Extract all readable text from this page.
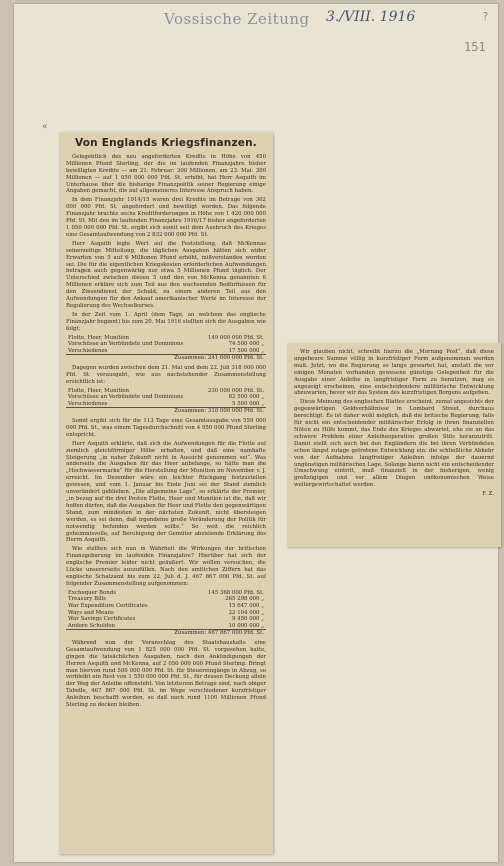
Vossische Zeitung 3./VIII. 1916	?
151
«
Von Englands Kriegsfinanzen.

Gelegentlich des neu angeforderten Kredits in Höhe von 450 Millionen Pfund Sterling, der die im laufenden Finanzjahre bisher bewilligten Kredite — am 21. Februar: 300 Millionen, am 23. Mai: 300 Millionen — auf 1 050 000 000 Pfd. St. erhöht, hat Herr Asquith im Unterhause über die bisherige Finanzpolitik seiner Regierung einige Angaben gemacht, die auf allgemeineres Interesse Anspruch haben.

In dem Finanzjahr 1914/15 waren drei Kredite im Betrage von 362 000 000 Pfd. St. angefordert und bewilligt worden. Das folgende Finanzjahr brachte sechs Kreditforderungen in Höhe von 1 420 000 000 Pfd. St. Mit den im laufenden Finanzjahre 1916/17 bisher angeforderten 1 050 000 000 Pfd. St. ergibt sich somit seit dem Ausbruch des Krieges eine Gesamtaufwendung von 2 832 000 000 Pfd. St.

Herr Asquith legte Wert auf die Feststellung, daß McKennas seinerzeitige Mitteilung, die täglichen Ausgaben hätten sich wider Erwarten von 5 auf 6 Millionen Pfund erhöht, mißverstanden worden sei. Die für die eigentlichen Kriegskosten erforderlichen Aufwendungen betragen auch gegenwärtig nur etwa 5 Millionen Pfund täglich. Der Unterschied zwischen diesen 5 und den von McKenna genannten 6 Millionen erkläre sich zum Teil aus den wachsenden Bedürfnissen für den Zinsendienst der Schuld, zu einem anderen Teil aus den Aufwendungen für den Ankauf amerikanischer Werte im Interesse der Regulierung des Wechselkurses.

In der Zeit vom 1. April (dem Tage, an welchem das englische Finanzjahr beginnt) bis zum 20. Mai 1916 stellten sich die Ausgaben wie folgt:

Flotte, Heer, Munition	149 000 000 Pfd. St.
Vorschüsse an Verbündete und Dominions	74 500 000 „
Verschiedenes	17 500 000 „
Zusammen: 241 000 000 Pfd. St.	

Dagegen wurden zwischen dem 21. Mai und dem 22. Juli 318 000 000 Pfd. St. verausgabt, wie aus nachstehender Zusammenstellung ersichtlich ist:

Flotte, Heer, Munition	230 000 000 Pfd. St.
Vorschüsse an Verbündete und Dominions	82 500 000 „
Verschiedenes	5 500 000 „
Zusammen: 318 000 000 Pfd. St.	

Somit ergibt sich für die 113 Tage eine Gesamtausgabe von 559 000 000 Pfd. St., was einem Tagesdurchschnitt von 4 950 000 Pfund Sterling entspricht.

Herr Asquith erklärte, daß sich die Aufwendungen für die Flotte auf ziemlich gleichförmiger Höhe erhalten, und daß eine namhafte Steigerung „in naher Zukunft nicht in Aussicht genommen sei“. Was anderseits die Ausgaben für das Heer anbelange, so hätte man die „Hochwassermarke“ für die Herstellung der Munition im November v. J. erreicht. Im Dezember wäre ein leichter Rückgang festzustellen gewesen, und vom 1. Januar bis Ende Juni sei der Stand ziemlich unverändert geblieben. „Die allgemeine Lage“, so erklärte der Premier, „in bezug auf die drei Posten Flotte, Heer und Munition ist die, daß wir hoffen dürfen, daß die Ausgaben für Heer und Flotte den gegenwärtigen Stand, zum mindesten in der nächsten Zukunft, nicht übersteigen werden, es sei denn, daß irgendeine große Veränderung der Politik für notwendig befunden werden sollte.“ So weit die reichlich geheimnisvolle, auf Beruhigung der Gemüter abzielende Erklärung des Herrn Asquith.

Wie stellten sich nun in Wahrheit die Wirkungen der britischen Finanzgebarung im laufenden Finanzjahre? Hierüber hat sich der englische Premier leider nicht geäußert. Wir wollen versuchen, die Lücke unsererseits auszufüllen. Nach den amtlichen Ziffern hat das englische Schatzamt bis zum 22. Juli d. J. 467 867 000 Pfd. St. auf folgender Zusammenstellung aufgenommen:

Exchequer Bonds	145 368 000 Pfd. St.
Treasury Bills	265 298 000 „
War Expenditure Certificates	15 647 000 „
Ways and Means	22 104 000 „
War Savings Certificates	9 450 000 „
Andere Schulden	10 000 000 „
Zusammen: 467 867 000 Pfd. St.	

Während nun der Voranschlag des Staatshaushalts eine Gesamtaufwendung von 1 825 000 000 Pfd. St. vorgesehen hatte, gingen die tatsächlichen Ausgaben, nach den Ankündigungen der Herren Asquith und McKenna, auf 2 050 000 000 Pfund Sterling. Bringt man hiervon rund 500 000 000 Pfd. St. für Steuereingänge in Abzug, so verbleibt ein Rest von 1 550 000 000 Pfd. St., für dessen Deckung allein der Weg der Anleihe offensteht. Von letzterem Betrage sind, nach obiger Tabelle, 467 867 000 Pfd. St. im Wege verschiedener kurzfristiger Anleihen beschafft worden, so daß noch rund 1100 Millionen Pfund Sterling zu decken bleiben.

Wir glauben nicht, schreibt hierzu die „Morning Post“, daß diese ungeheure Summe völlig in kurzfristiger Form aufgenommen werden muß. Jetzt, wo die Regierung so lange gewartet hat, anstatt die vor einigen Monaten vorhanden gewesene günstige Gelegenheit für die Ausgabe einer Anleihe in langfristiger Form zu benutzen, mag es angezeigt erscheinen, eine entscheidendere militärische Entwicklung abzuwarten, bevor wir das System des kurzfristigen Borgens aufgeben.

Diese Meinung des englischen Blattes erscheint, zumal angesichts der gegenwärtigen Geldverhältnisse in Lombard Street, durchaus berechtigt. Es ist daher wohl möglich, daß die britische Regierung, falls für nicht ein entscheidender militärischer Erfolg in ihren finanziellen Nöten zu Hilfe kommt, das Ende des Krieges abwartet, ehe sie an das schwere Problem einer Anleiheoperation großen Stils heranzutritt. Damit stellt sich auch bei den Engländern die bei ihren Verbündeten schon längst zutage getretene Entwicklung ein: die schließliche Abkehr von der Aufnahme langfristiger Anleihen infolge der dauernd ungünstigen militärischen Lage. Solange hierin nicht ein entscheidender Umschwung eintritt, muß finanziell in der bisherigen, wenig großzügigen und vor allem Dingen unökonomischen Weise weitergewirtschaftet werden.

F. Z.
